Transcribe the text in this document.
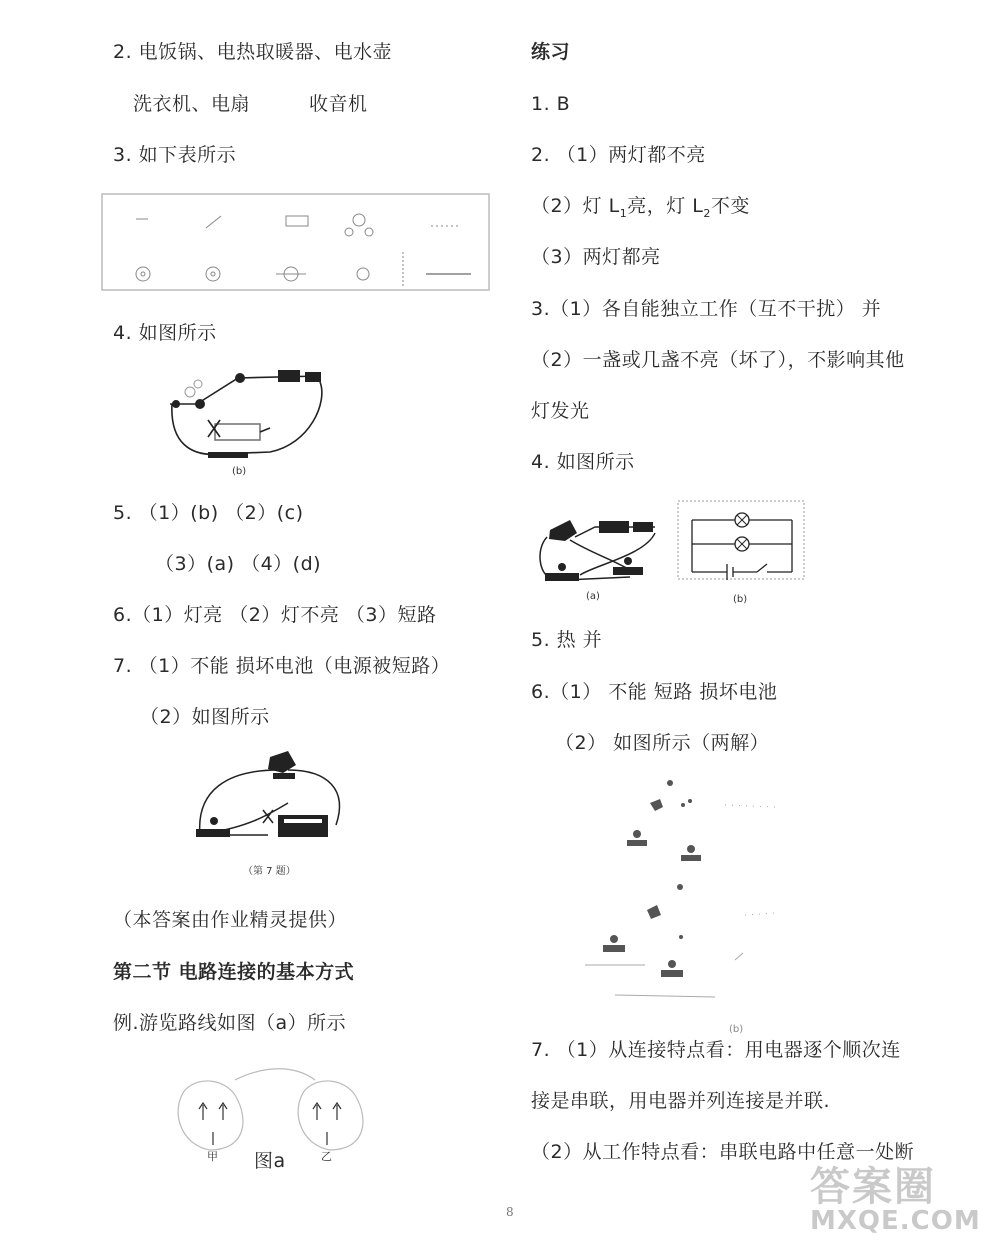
2. 电饭锅、电热取暖器、电水壶
洗衣机、电扇	收音机
3. 如下表所示
4. 如图所示
(b)
5. （1）(b) （2）(c)
（3）(a) （4）(d)
6.（1）灯亮 （2）灯不亮 （3）短路
7. （1）不能 损坏电池（电源被短路）
（2）如图所示
（第 7 题）
（本答案由作业精灵提供）
第二节 电路连接的基本方式
例.游览路线如图（a）所示
甲	乙
图a
练习
1. B
2. （1）两灯都不亮
（2）灯 $L_1$亮，灯 $L_2$不变
（3）两灯都亮
3.（1）各自能独立工作（互不干扰） 并
（2）一盏或几盏不亮（坏了），不影响其他
灯发光
4. 如图所示
(a)	(b)
5. 热 并
6.（1） 不能 短路 损坏电池
（2） 如图所示（两解）
(b)
7. （1）从连接特点看：用电器逐个顺次连
接是串联，用电器并列连接是并联.
（2）从工作特点看：串联电路中任意一处断
8
答案圈
MXQE.COM
